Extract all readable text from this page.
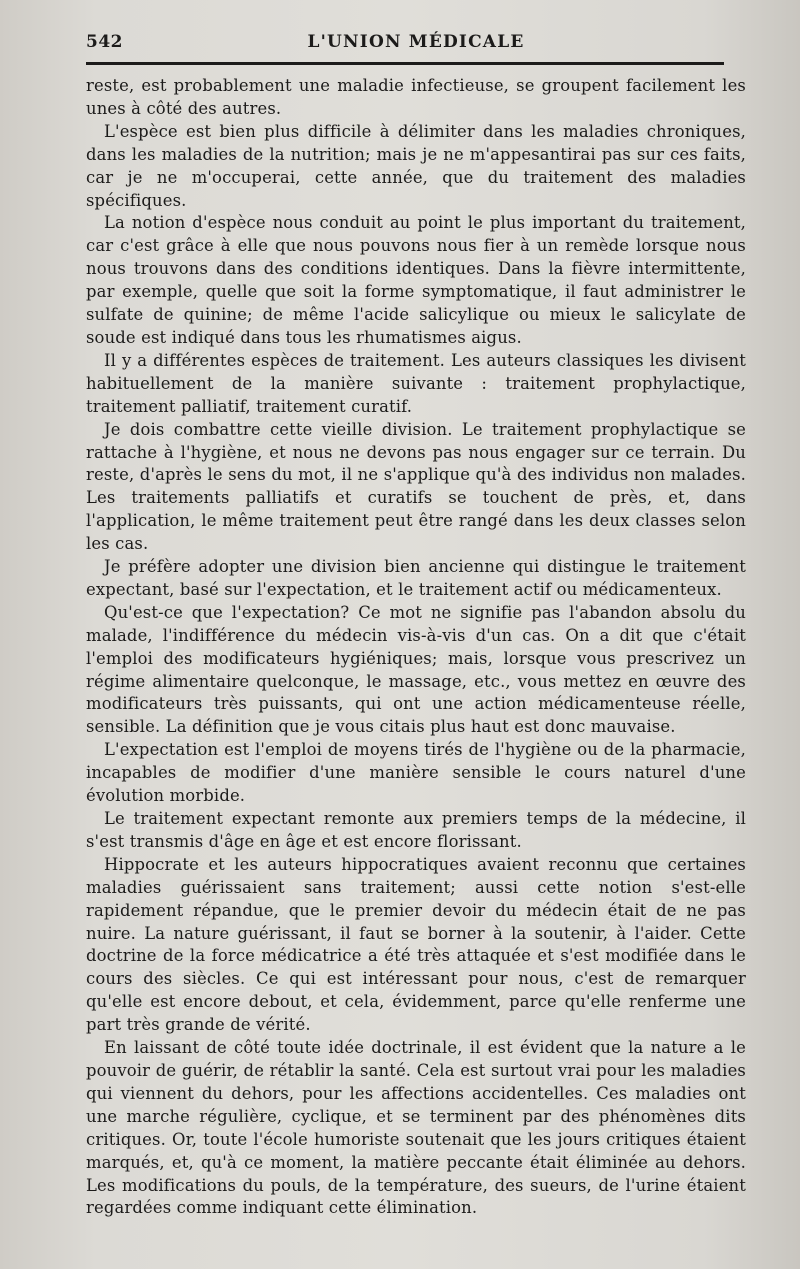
542	L'UNION MÉDICALE

reste, est probablement une maladie infectieuse, se groupent facilement les unes à côté des autres.

L'espèce est bien plus difficile à délimiter dans les maladies chroniques, dans les maladies de la nutrition; mais je ne m'appesantirai pas sur ces faits, car je ne m'occuperai, cette année, que du traitement des maladies spécifiques.

La notion d'espèce nous conduit au point le plus important du traitement, car c'est grâce à elle que nous pouvons nous fier à un remède lorsque nous nous trouvons dans des conditions identiques. Dans la fièvre intermittente, par exemple, quelle que soit la forme symptomatique, il faut administrer le sulfate de quinine; de même l'acide salicylique ou mieux le salicylate de soude est indiqué dans tous les rhumatismes aigus.

Il y a différentes espèces de traitement. Les auteurs classiques les divisent habituellement de la manière suivante : traitement prophylactique, traitement palliatif, traitement curatif.

Je dois combattre cette vieille division. Le traitement prophylactique se rattache à l'hygiène, et nous ne devons pas nous engager sur ce terrain. Du reste, d'après le sens du mot, il ne s'applique qu'à des individus non malades. Les traitements palliatifs et curatifs se touchent de près, et, dans l'application, le même traitement peut être rangé dans les deux classes selon les cas.

Je préfère adopter une division bien ancienne qui distingue le traitement expectant, basé sur l'expectation, et le traitement actif ou médicamenteux.

Qu'est-ce que l'expectation? Ce mot ne signifie pas l'abandon absolu du malade, l'indifférence du médecin vis-à-vis d'un cas. On a dit que c'était l'emploi des modificateurs hygiéniques; mais, lorsque vous prescrivez un régime alimentaire quelconque, le massage, etc., vous mettez en œuvre des modificateurs très puissants, qui ont une action médicamenteuse réelle, sensible. La définition que je vous citais plus haut est donc mauvaise.

L'expectation est l'emploi de moyens tirés de l'hygiène ou de la pharmacie, incapables de modifier d'une manière sensible le cours naturel d'une évolution morbide.

Le traitement expectant remonte aux premiers temps de la médecine, il s'est transmis d'âge en âge et est encore florissant.

Hippocrate et les auteurs hippocratiques avaient reconnu que certaines maladies guérissaient sans traitement; aussi cette notion s'est-elle rapidement répandue, que le premier devoir du médecin était de ne pas nuire. La nature guérissant, il faut se borner à la soutenir, à l'aider. Cette doctrine de la force médicatrice a été très attaquée et s'est modifiée dans le cours des siècles. Ce qui est intéressant pour nous, c'est de remarquer qu'elle est encore debout, et cela, évidemment, parce qu'elle renferme une part très grande de vérité.

En laissant de côté toute idée doctrinale, il est évident que la nature a le pouvoir de guérir, de rétablir la santé. Cela est surtout vrai pour les maladies qui viennent du dehors, pour les affections accidentelles. Ces maladies ont une marche régulière, cyclique, et se terminent par des phénomènes dits critiques. Or, toute l'école humoriste soutenait que les jours critiques étaient marqués, et, qu'à ce moment, la matière peccante était éliminée au dehors. Les modifications du pouls, de la température, des sueurs, de l'urine étaient regardées comme indiquant cette élimination.
